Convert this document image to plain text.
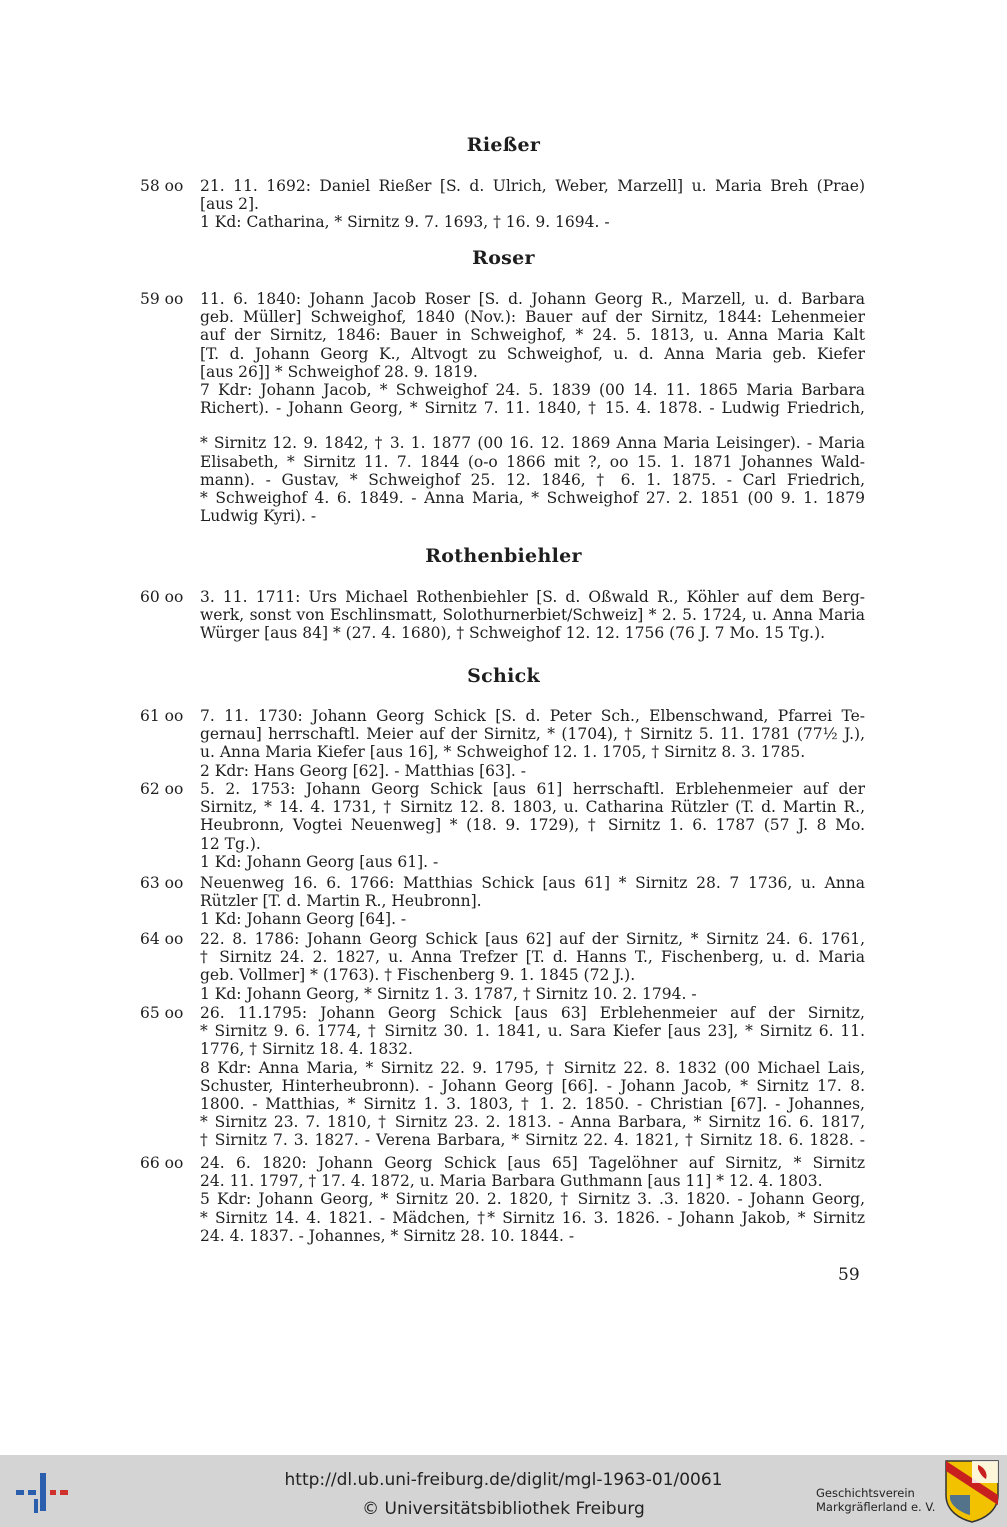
Rießer
58 oo	21. 11. 1692: Daniel Rießer [S. d. Ulrich, Weber, Marzell] u. Maria Breh (Prae)
[aus 2].
1 Kd: Catharina, * Sirnitz 9. 7. 1693, † 16. 9. 1694. -
Roser
59 oo	11. 6. 1840: Johann Jacob Roser [S. d. Johann Georg R., Marzell, u. d. Barbara
geb. Müller] Schweighof, 1840 (Nov.): Bauer auf der Sirnitz, 1844: Lehenmeier
auf der Sirnitz, 1846: Bauer in Schweighof, * 24. 5. 1813, u. Anna Maria Kalt
[T. d. Johann Georg K., Altvogt zu Schweighof, u. d. Anna Maria geb. Kiefer
[aus 26]] * Schweighof 28. 9. 1819.
7 Kdr: Johann Jacob, * Schweighof 24. 5. 1839 (00 14. 11. 1865 Maria Barbara
Richert). - Johann Georg, * Sirnitz 7. 11. 1840, † 15. 4. 1878. - Ludwig Friedrich,
* Sirnitz 12. 9. 1842, † 3. 1. 1877 (00 16. 12. 1869 Anna Maria Leisinger). - Maria
Elisabeth, * Sirnitz 11. 7. 1844 (o-o 1866 mit ?, oo 15. 1. 1871 Johannes Wald-
mann). - Gustav, * Schweighof 25. 12. 1846, † 6. 1. 1875. - Carl Friedrich,
* Schweighof 4. 6. 1849. - Anna Maria, * Schweighof 27. 2. 1851 (00 9. 1. 1879
Ludwig Kyri). -
Rothenbiehler
60 oo	3. 11. 1711: Urs Michael Rothenbiehler [S. d. Oßwald R., Köhler auf dem Berg-
werk, sonst von Eschlinsmatt, Solothurnerbiet/Schweiz] * 2. 5. 1724, u. Anna Maria
Würger [aus 84] * (27. 4. 1680), † Schweighof 12. 12. 1756 (76 J. 7 Mo. 15 Tg.).
Schick
61 oo	7. 11. 1730: Johann Georg Schick [S. d. Peter Sch., Elbenschwand, Pfarrei Te-
gernau] herrschaftl. Meier auf der Sirnitz, * (1704), † Sirnitz 5. 11. 1781 (77½ J.),
u. Anna Maria Kiefer [aus 16], * Schweighof 12. 1. 1705, † Sirnitz 8. 3. 1785.
2 Kdr: Hans Georg [62]. - Matthias [63]. -
62 oo	5. 2. 1753: Johann Georg Schick [aus 61] herrschaftl. Erblehenmeier auf der
Sirnitz, * 14. 4. 1731, † Sirnitz 12. 8. 1803, u. Catharina Rützler (T. d. Martin R.,
Heubronn, Vogtei Neuenweg] * (18. 9. 1729), † Sirnitz 1. 6. 1787 (57 J. 8 Mo.
12 Tg.).
1 Kd: Johann Georg [aus 61]. -
63 oo	Neuenweg 16. 6. 1766: Matthias Schick [aus 61] * Sirnitz 28. 7 1736, u. Anna
Rützler [T. d. Martin R., Heubronn].
1 Kd: Johann Georg [64]. -
64 oo	22. 8. 1786: Johann Georg Schick [aus 62] auf der Sirnitz, * Sirnitz 24. 6. 1761,
† Sirnitz 24. 2. 1827, u. Anna Trefzer [T. d. Hanns T., Fischenberg, u. d. Maria
geb. Vollmer] * (1763). † Fischenberg 9. 1. 1845 (72 J.).
1 Kd: Johann Georg, * Sirnitz 1. 3. 1787, † Sirnitz 10. 2. 1794. -
65 oo	26. 11.1795: Johann Georg Schick [aus 63] Erblehenmeier auf der Sirnitz,
* Sirnitz 9. 6. 1774, † Sirnitz 30. 1. 1841, u. Sara Kiefer [aus 23], * Sirnitz 6. 11.
1776, † Sirnitz 18. 4. 1832.
8 Kdr: Anna Maria, * Sirnitz 22. 9. 1795, † Sirnitz 22. 8. 1832 (00 Michael Lais,
Schuster, Hinterheubronn). - Johann Georg [66]. - Johann Jacob, * Sirnitz 17. 8.
1800. - Matthias, * Sirnitz 1. 3. 1803, † 1. 2. 1850. - Christian [67]. - Johannes,
* Sirnitz 23. 7. 1810, † Sirnitz 23. 2. 1813. - Anna Barbara, * Sirnitz 16. 6. 1817,
† Sirnitz 7. 3. 1827. - Verena Barbara, * Sirnitz 22. 4. 1821, † Sirnitz 18. 6. 1828. -
66 oo	24. 6. 1820: Johann Georg Schick [aus 65] Tagelöhner auf Sirnitz, * Sirnitz
24. 11. 1797, † 17. 4. 1872, u. Maria Barbara Guthmann [aus 11] * 12. 4. 1803.
5 Kdr: Johann Georg, * Sirnitz 20. 2. 1820, † Sirnitz 3. .3. 1820. - Johann Georg,
* Sirnitz 14. 4. 1821. - Mädchen, †* Sirnitz 16. 3. 1826. - Johann Jakob, * Sirnitz
24. 4. 1837. - Johannes, * Sirnitz 28. 10. 1844. -
59
http://dl.ub.uni-freiburg.de/diglit/mgl-1963-01/0061
© Universitätsbibliothek Freiburg
Geschichtsverein
Markgräflerland e. V.
